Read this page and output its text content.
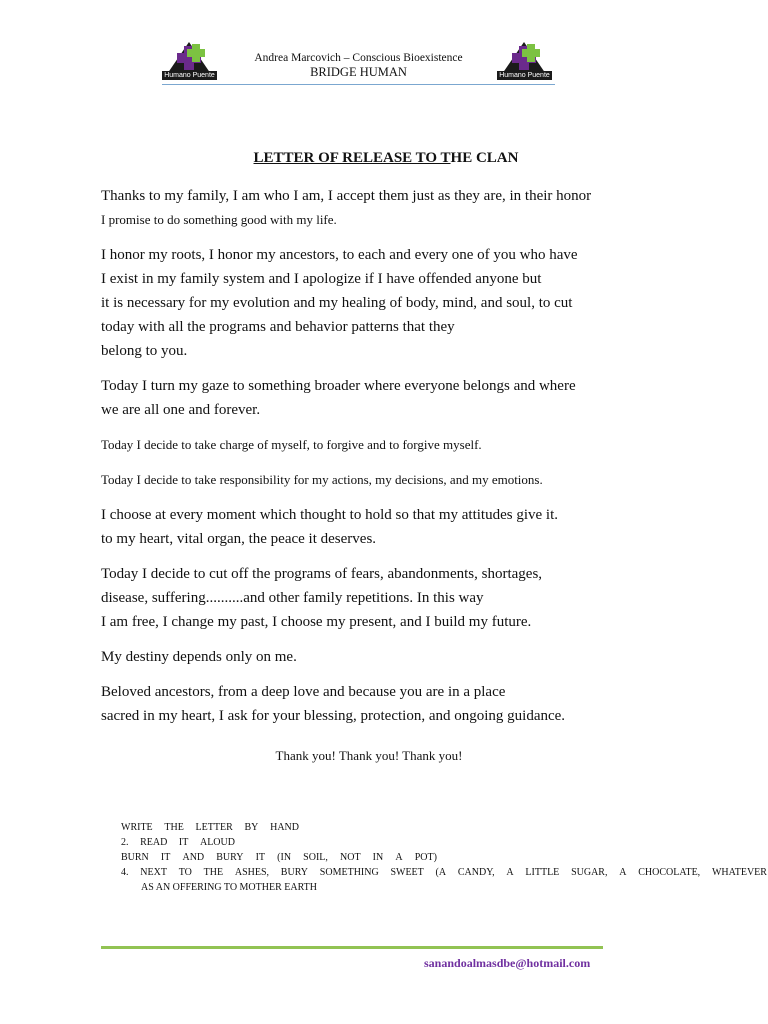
Humano Puente
Andrea Marcovich – Conscious Bioexistence
BRIDGE HUMAN	Humano Puente
LETTER OF RELEASE TO THE CLAN
Thanks to my family, I am who I am, I accept them just as they are, in their honor
I promise to do something good with my life.
I honor my roots, I honor my ancestors, to each and every one of you who have
I exist in my family system and I apologize if I have offended anyone but
it is necessary for my evolution and my healing of body, mind, and soul, to cut
today with all the programs and behavior patterns that they
belong to you.
Today I turn my gaze to something broader where everyone belongs and where
we are all one and forever.
Today I decide to take charge of myself, to forgive and to forgive myself.
Today I decide to take responsibility for my actions, my decisions, and my emotions.
I choose at every moment which thought to hold so that my attitudes give it.
to my heart, vital organ, the peace it deserves.
Today I decide to cut off the programs of fears, abandonments, shortages,
disease, suffering..........and other family repetitions. In this way
I am free, I change my past, I choose my present, and I build my future.
My destiny depends only on me.
Beloved ancestors, from a deep love and because you are in a place
sacred in my heart, I ask for your blessing, protection, and ongoing guidance.
Thank you! Thank you! Thank you!
WRITE THE LETTER BY HAND
2. READ IT ALOUD
BURN IT AND BURY IT (IN SOIL, NOT IN A POT)
4. NEXT TO THE ASHES, BURY SOMETHING SWEET (A CANDY, A LITTLE SUGAR, A CHOCOLATE, WHATEVER
AS AN OFFERING TO MOTHER EARTH
sanandoalmasdbe@hotmail.com
